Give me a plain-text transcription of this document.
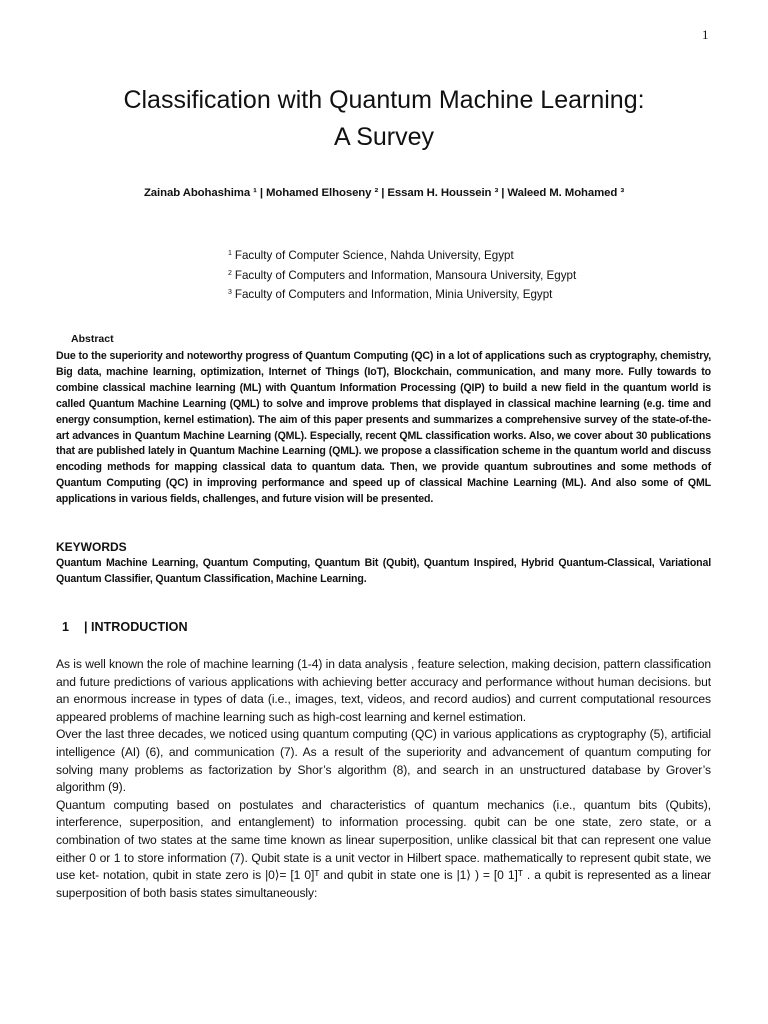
1
Classification with Quantum Machine Learning:
A Survey
Zainab Abohashima ¹ | Mohamed Elhoseny ² | Essam H. Houssein ³ | Waleed M. Mohamed ³
$^1$ Faculty of Computer Science, Nahda University, Egypt
$^2$ Faculty of Computers and Information, Mansoura University, Egypt
$^3$ Faculty of Computers and Information, Minia University, Egypt
Abstract
Due to the superiority and noteworthy progress of Quantum Computing (QC) in a lot of applications such as cryptography, chemistry, Big data, machine learning, optimization, Internet of Things (IoT), Blockchain, communication, and many more. Fully towards to combine classical machine learning (ML) with Quantum Information Processing (QIP) to build a new field in the quantum world is called Quantum Machine Learning (QML) to solve and improve problems that displayed in classical machine learning (e.g. time and energy consumption, kernel estimation). The aim of this paper presents and summarizes a comprehensive survey of the state-of-the-art advances in Quantum Machine Learning (QML). Especially, recent QML classification works. Also, we cover about 30 publications that are published lately in Quantum Machine Learning (QML). we propose a classification scheme in the quantum world and discuss encoding methods for mapping classical data to quantum data. Then, we provide quantum subroutines and some methods of Quantum Computing (QC) in improving performance and speed up of classical Machine Learning (ML). And also some of QML applications in various fields, challenges, and future vision will be presented.
KEYWORDS
Quantum Machine Learning, Quantum Computing, Quantum Bit (Qubit), Quantum Inspired, Hybrid Quantum-Classical, Variational Quantum Classifier, Quantum Classification, Machine Learning.
1 | INTRODUCTION

As is well known the role of machine learning (1-4) in data analysis , feature selection, making decision, pattern classification and future predictions of various applications with achieving better accuracy and performance without human decisions. but an enormous increase in types of data (i.e., images, text, videos, and record audios) and current computational resources appeared problems of machine learning such as high-cost learning and kernel estimation.

Over the last three decades, we noticed using quantum computing (QC) in various applications as cryptography (5), artificial intelligence (AI) (6), and communication (7). As a result of the superiority and advancement of quantum computing for solving many problems as factorization by Shor’s algorithm (8), and search in an unstructured database by Grover’s algorithm (9).

Quantum computing based on postulates and characteristics of quantum mechanics (i.e., quantum bits (Qubits), interference, superposition, and entanglement) to information processing. qubit can be one state, zero state, or a combination of two states at the same time known as linear superposition, unlike classical bit that can represent one value either 0 or 1 to store information (7). Qubit state is a unit vector in Hilbert space. mathematically to represent qubit state, we use ket- notation, qubit in state zero is |0⟩= [1 0]ᵀ and qubit in state one is |1⟩ ) = [0 1]ᵀ . a qubit is represented as a linear superposition of both basis states simultaneously:
